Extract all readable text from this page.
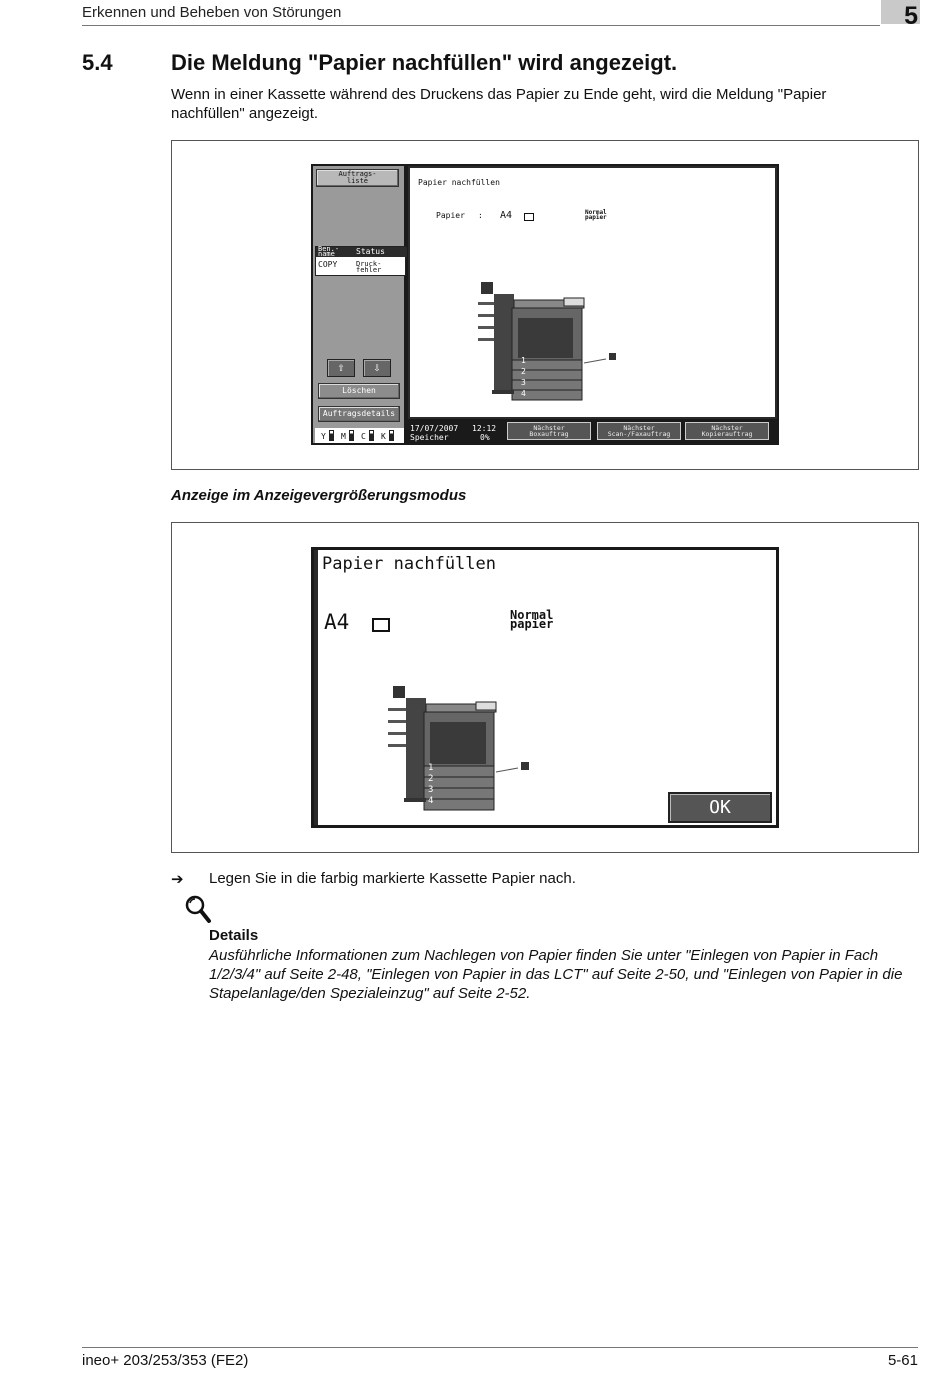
Erkennen und Beheben von Störungen	5
5.4	Die Meldung "Papier nachfüllen" wird angezeigt.
Wenn in einer Kassette während des Druckens das Papier zu Ende geht, wird die Meldung "Papier nachfüllen" angezeigt.
Auftrags-
liste
Ben.-
name	Status
COPY	Druck-
fehler
⇧	⇩
Löschen
Auftragsdetails
Y M C K
Papier nachfüllen
Papier : A4	Normal
papier
1
2
3
4
17/07/2007 12:12
Speicher	0%
Nächster
Boxauftrag
Nächster
Scan-/Faxauftrag
Nächster
Kopierauftrag
Anzeige im Anzeigevergrößerungsmodus
Papier nachfüllen
A4	Normal
papier
1
2
3
4	OK
➔ Legen Sie in die farbig markierte Kassette Papier nach.
Details
Ausführliche Informationen zum Nachlegen von Papier finden Sie unter "Einlegen von Papier in Fach 1/2/3/4" auf Seite 2-48, "Einlegen von Papier in das LCT" auf Seite 2-50, und "Einlegen von Papier in die Stapelanlage/den Spezialeinzug" auf Seite 2-52.
ineo+ 203/253/353 (FE2)	5-61
